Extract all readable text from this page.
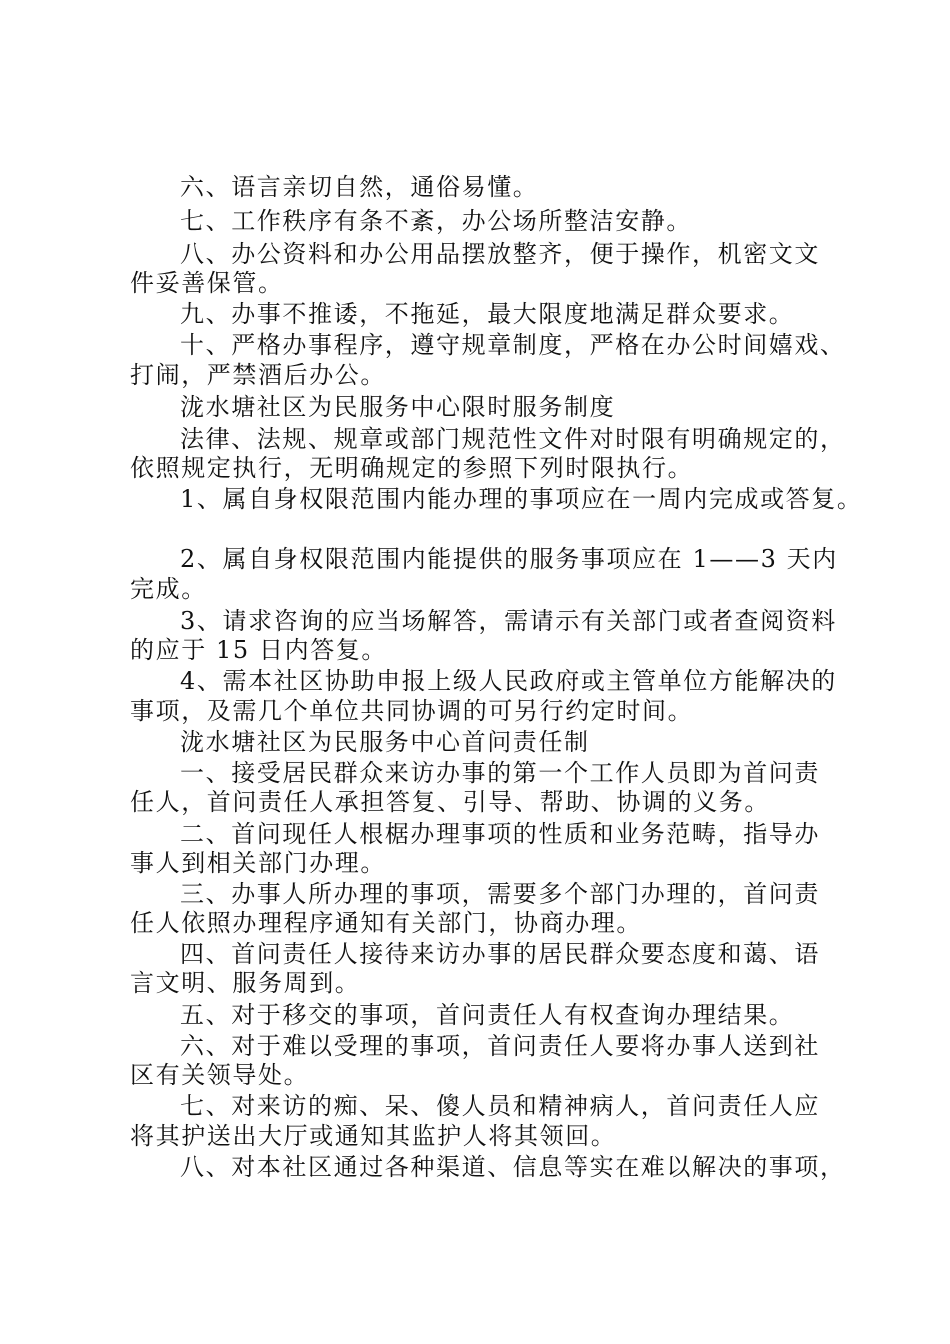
六、语言亲切自然，通俗易懂。

七、工作秩序有条不紊，办公场所整洁安静。

八、办公资料和办公用品摆放整齐，便于操作，机密文文

件妥善保管。

九、办事不推诿，不拖延，最大限度地满足群众要求。

十、严格办事程序，遵守规章制度，严格在办公时间嬉戏、

打闹，严禁酒后办公。

泷水塘社区为民服务中心限时服务制度

法律、法规、规章或部门规范性文件对时限有明确规定的，

依照规定执行，无明确规定的参照下列时限执行。

1、属自身权限范围内能办理的事项应在一周内完成或答复。

2、属自身权限范围内能提供的服务事项应在 1——3 天内

完成。

3、请求咨询的应当场解答，需请示有关部门或者查阅资料

的应于 15 日内答复。

4、需本社区协助申报上级人民政府或主管单位方能解决的

事项，及需几个单位共同协调的可另行约定时间。

泷水塘社区为民服务中心首问责任制

一、接受居民群众来访办事的第一个工作人员即为首问责

任人，首问责任人承担答复、引导、帮助、协调的义务。

二、首问现任人根椐办理事项的性质和业务范畴，指导办

事人到相关部门办理。

三、办事人所办理的事项，需要多个部门办理的，首问责

任人依照办理程序通知有关部门，协商办理。

四、首问责任人接待来访办事的居民群众要态度和蔼、语

言文明、服务周到。

五、对于移交的事项，首问责任人有权查询办理结果。

六、对于难以受理的事项，首问责任人要将办事人送到社

区有关领导处。

七、对来访的痴、呆、傻人员和精神病人，首问责任人应

将其护送出大厅或通知其监护人将其领回。

八、对本社区通过各种渠道、信息等实在难以解决的事项，
